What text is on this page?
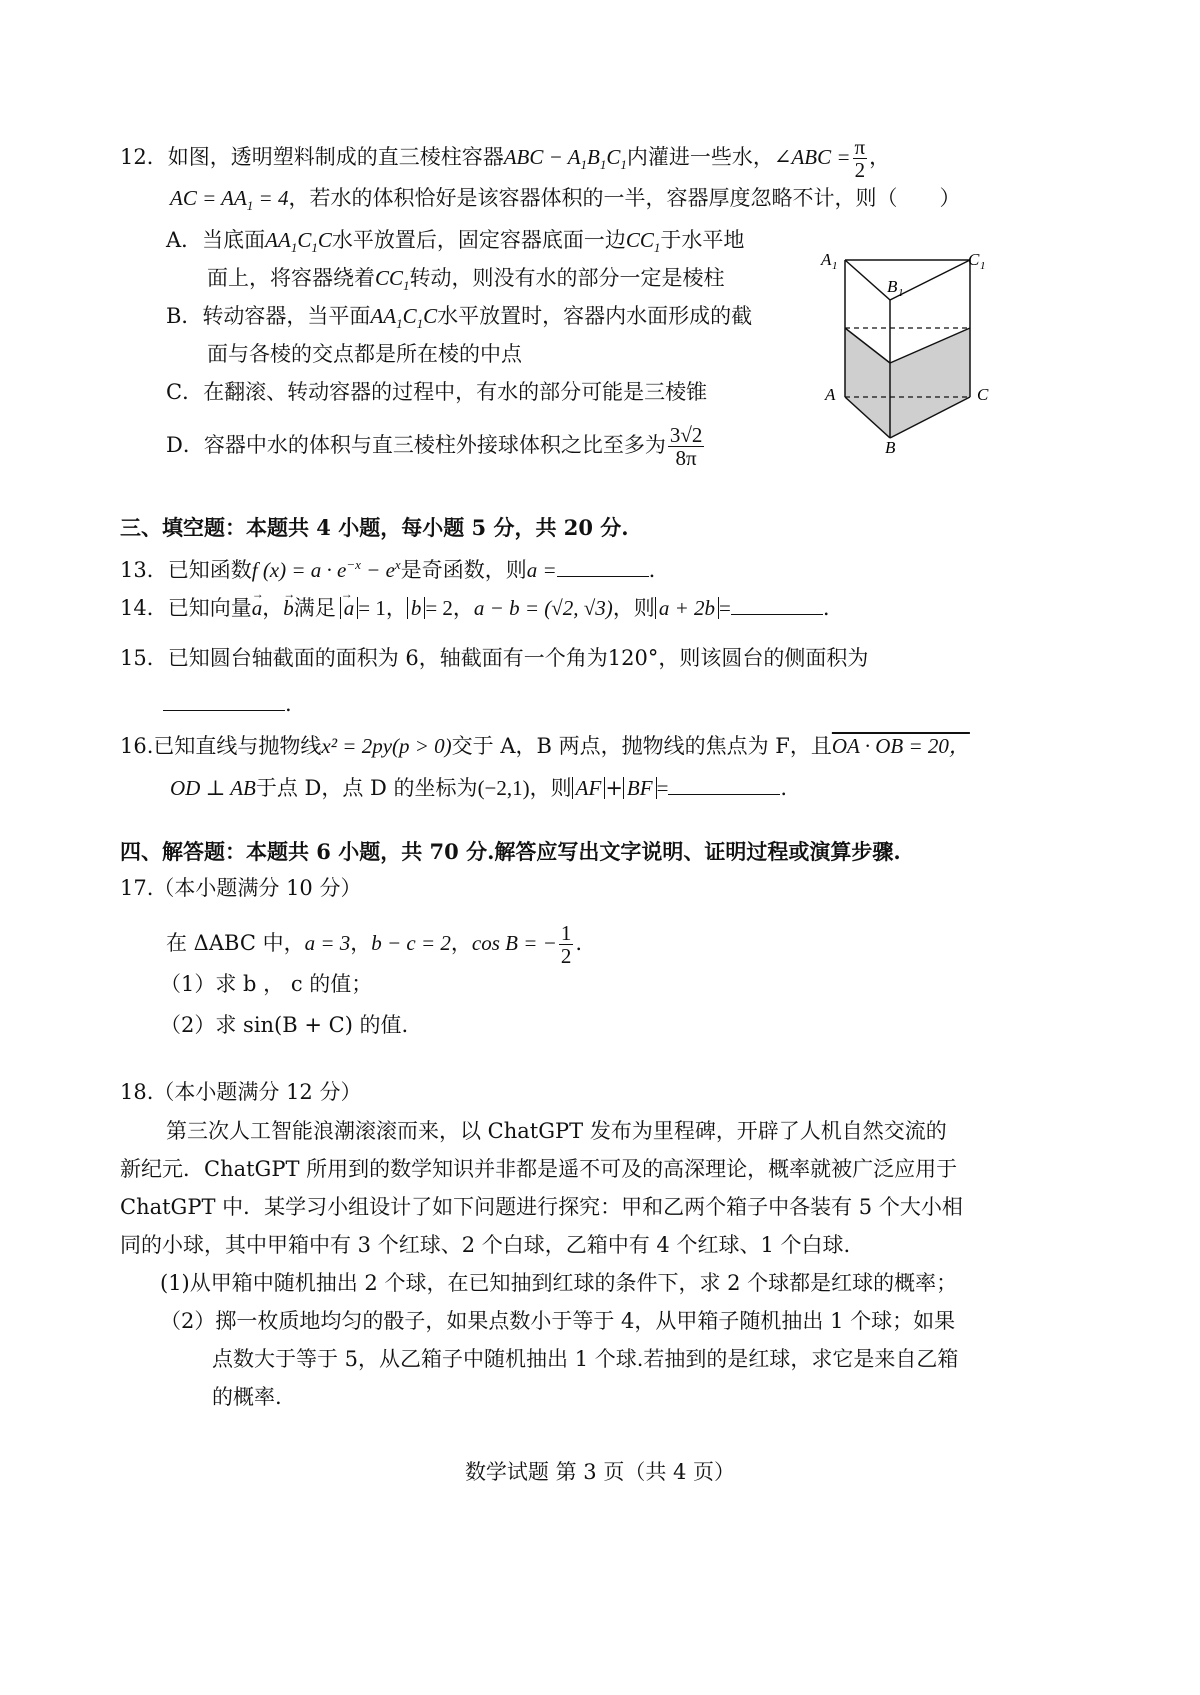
12．如图，透明塑料制成的直三棱柱容器ABC − $A_1B_1C_1$内灌进一些水，∠ABC = $\frac{\pi}{2}$ ，
AC = $AA_1 = 4$，若水的体积恰好是该容器体积的一半，容器厚度忽略不计，则（　　）
A．当底面$AA_1C_1C$水平放置后，固定容器底面一边$CC_1$于水平地
面上，将容器绕着$CC_1$转动，则没有水的部分一定是棱柱
B．转动容器，当平面$AA_1C_1C$水平放置时，容器内水面形成的截
面与各棱的交点都是所在棱的中点
C．在翻滚、转动容器的过程中，有水的部分可能是三棱锥
D．容器中水的体积与直三棱柱外接球体积之比至多为 $\frac{3√2}{8\pi}$
A 1
B 1
C 1
A	C
B
三、填空题：本题共 4 小题，每小题 5 分，共 20 分.
13．已知函数f $(x) = a \cdot e^{-x} - e^x$是奇函数，则a =	.
14．已知向量→ a，→ b满足 → a = 1， b = 2，a − b = (√2, √3)，则 a + 2b =	.
15．已知圆台轴截面的面积为 6，轴截面有一个角为120°，则该圆台的侧面积为
.
16.已知直线与抛物线x² = 2py(p > 0)交于 A，B 两点，抛物线的焦点为 F，且OA · OB = 20，
OD ⊥ AB于点 D，点 D 的坐标为(−2,1)，则 AF + BF =	.
四、解答题：本题共 6 小题，共 70 分.解答应写出文字说明、证明过程或演算步骤.
17.（本小题满分 10 分）
在 ΔABC 中，a = 3，b − c = 2，cos B = − $\frac{1}{2}$ .
（1）求 b ， c 的值；
（2）求 sin(B + C) 的值.
18.（本小题满分 12 分）
第三次人工智能浪潮滚滚而来，以 ChatGPT 发布为里程碑，开辟了人机自然交流的
新纪元．ChatGPT 所用到的数学知识并非都是遥不可及的高深理论，概率就被广泛应用于
ChatGPT 中．某学习小组设计了如下问题进行探究：甲和乙两个箱子中各装有 5 个大小相
同的小球，其中甲箱中有 3 个红球、2 个白球，乙箱中有 4 个红球、1 个白球.
(1)从甲箱中随机抽出 2 个球，在已知抽到红球的条件下，求 2 个球都是红球的概率；
（2）掷一枚质地均匀的骰子，如果点数小于等于 4，从甲箱子随机抽出 1 个球；如果
点数大于等于 5，从乙箱子中随机抽出 1 个球.若抽到的是红球，求它是来自乙箱
的概率.
数学试题 第 3 页（共 4 页）
